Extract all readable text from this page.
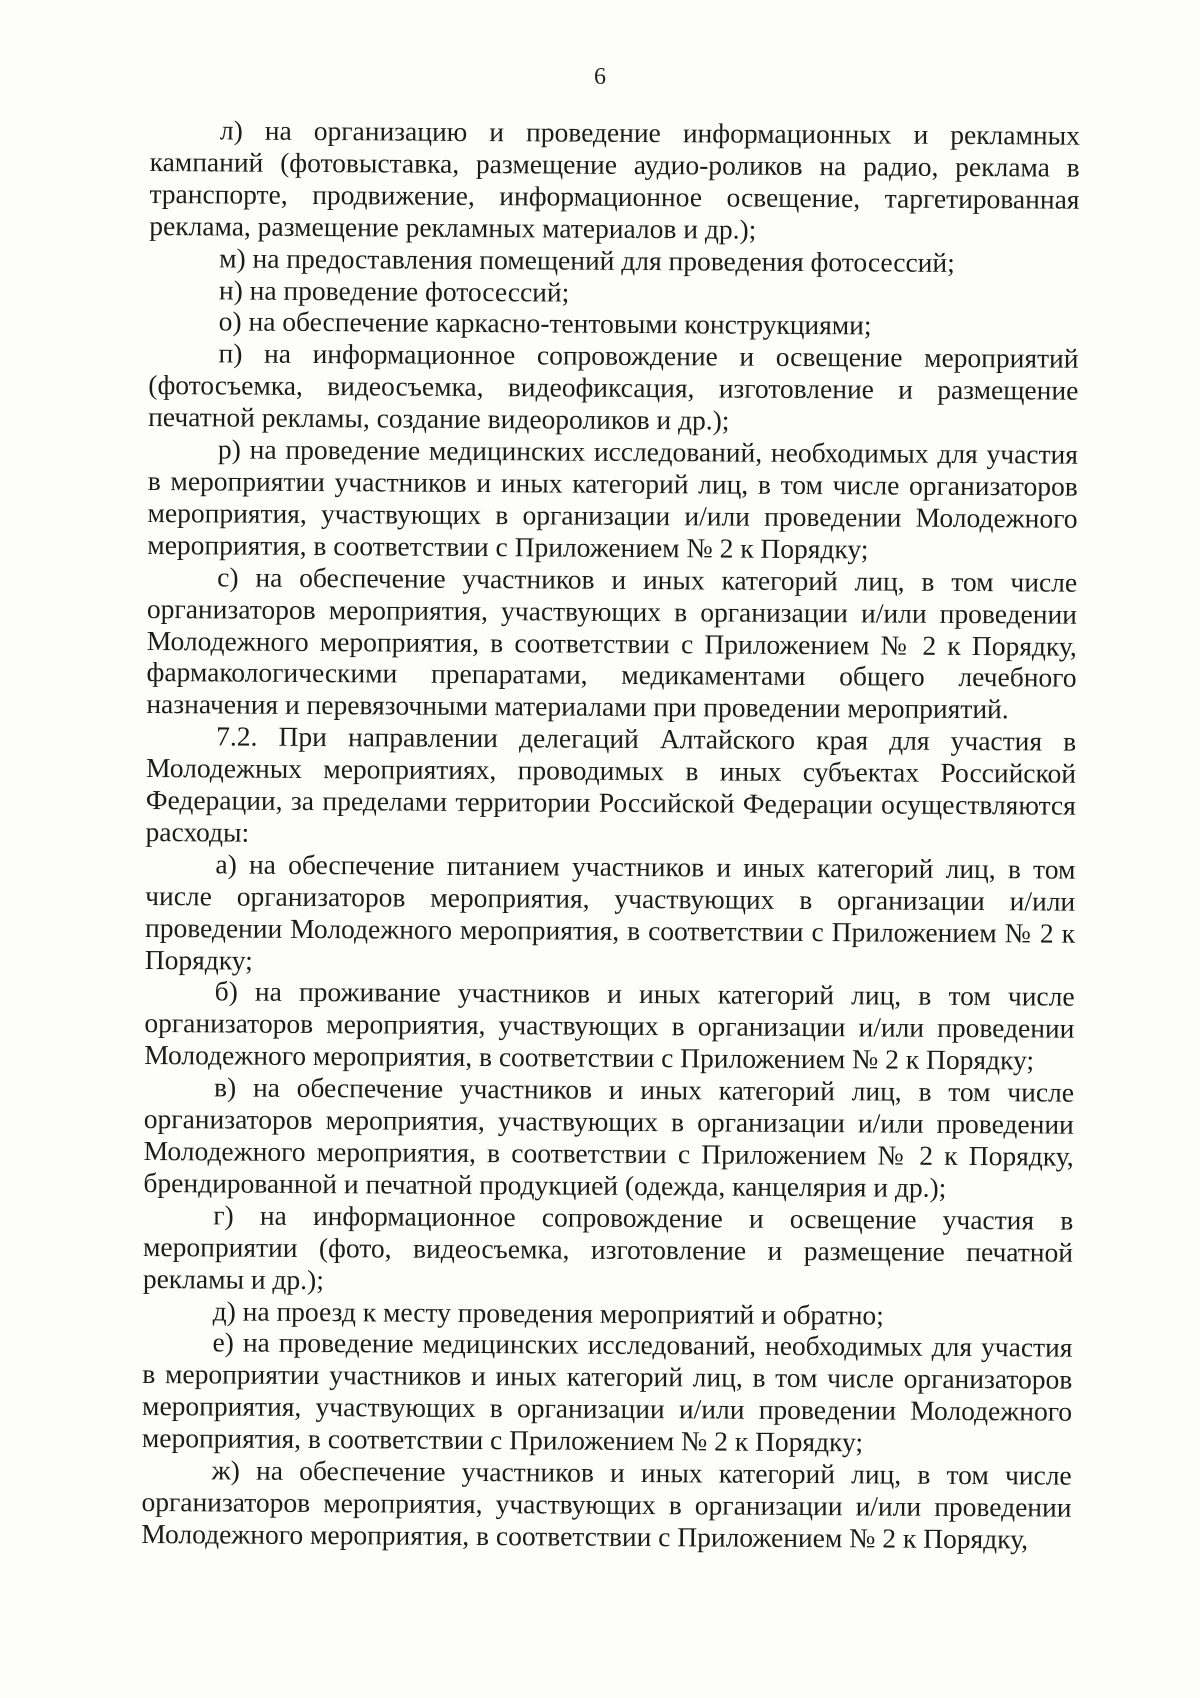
6

л) на организацию и проведение информационных и рекламных кампаний (фотовыставка, размещение аудио-роликов на радио, реклама в транспорте, продвижение, информационное освещение, таргетированная реклама, размещение рекламных материалов и др.);

м) на предоставления помещений для проведения фотосессий;

н) на проведение фотосессий;

о) на обеспечение каркасно-тентовыми конструкциями;

п) на информационное сопровождение и освещение мероприятий (фотосъемка, видеосъемка, видеофиксация, изготовление и размещение печатной рекламы, создание видеороликов и др.);

р) на проведение медицинских исследований, необходимых для участия в мероприятии участников и иных категорий лиц, в том числе организаторов мероприятия, участвующих в организации и/или проведении Молодежного мероприятия, в соответствии с Приложением № 2 к Порядку;

с) на обеспечение участников и иных категорий лиц, в том числе организаторов мероприятия, участвующих в организации и/или проведении Молодежного мероприятия, в соответствии с Приложением № 2 к Порядку, фармакологическими препаратами, медикаментами общего лечебного назначения и перевязочными материалами при проведении мероприятий.

7.2. При направлении делегаций Алтайского края для участия в Молодежных мероприятиях, проводимых в иных субъектах Российской Федерации, за пределами территории Российской Федерации осуществляются расходы:

а) на обеспечение питанием участников и иных категорий лиц, в том числе организаторов мероприятия, участвующих в организации и/или проведении Молодежного мероприятия, в соответствии с Приложением № 2 к Порядку;

б) на проживание участников и иных категорий лиц, в том числе организаторов мероприятия, участвующих в организации и/или проведении Молодежного мероприятия, в соответствии с Приложением № 2 к Порядку;

в) на обеспечение участников и иных категорий лиц, в том числе организаторов мероприятия, участвующих в организации и/или проведении Молодежного мероприятия, в соответствии с Приложением № 2 к Порядку, брендированной и печатной продукцией (одежда, канцелярия и др.);

г) на информационное сопровождение и освещение участия в мероприятии (фото, видеосъемка, изготовление и размещение печатной рекламы и др.);

д) на проезд к месту проведения мероприятий и обратно;

е) на проведение медицинских исследований, необходимых для участия в мероприятии участников и иных категорий лиц, в том числе организаторов мероприятия, участвующих в организации и/или проведении Молодежного мероприятия, в соответствии с Приложением № 2 к Порядку;

ж) на обеспечение участников и иных категорий лиц, в том числе организаторов мероприятия, участвующих в организации и/или проведении Молодежного мероприятия, в соответствии с Приложением № 2 к Порядку,
